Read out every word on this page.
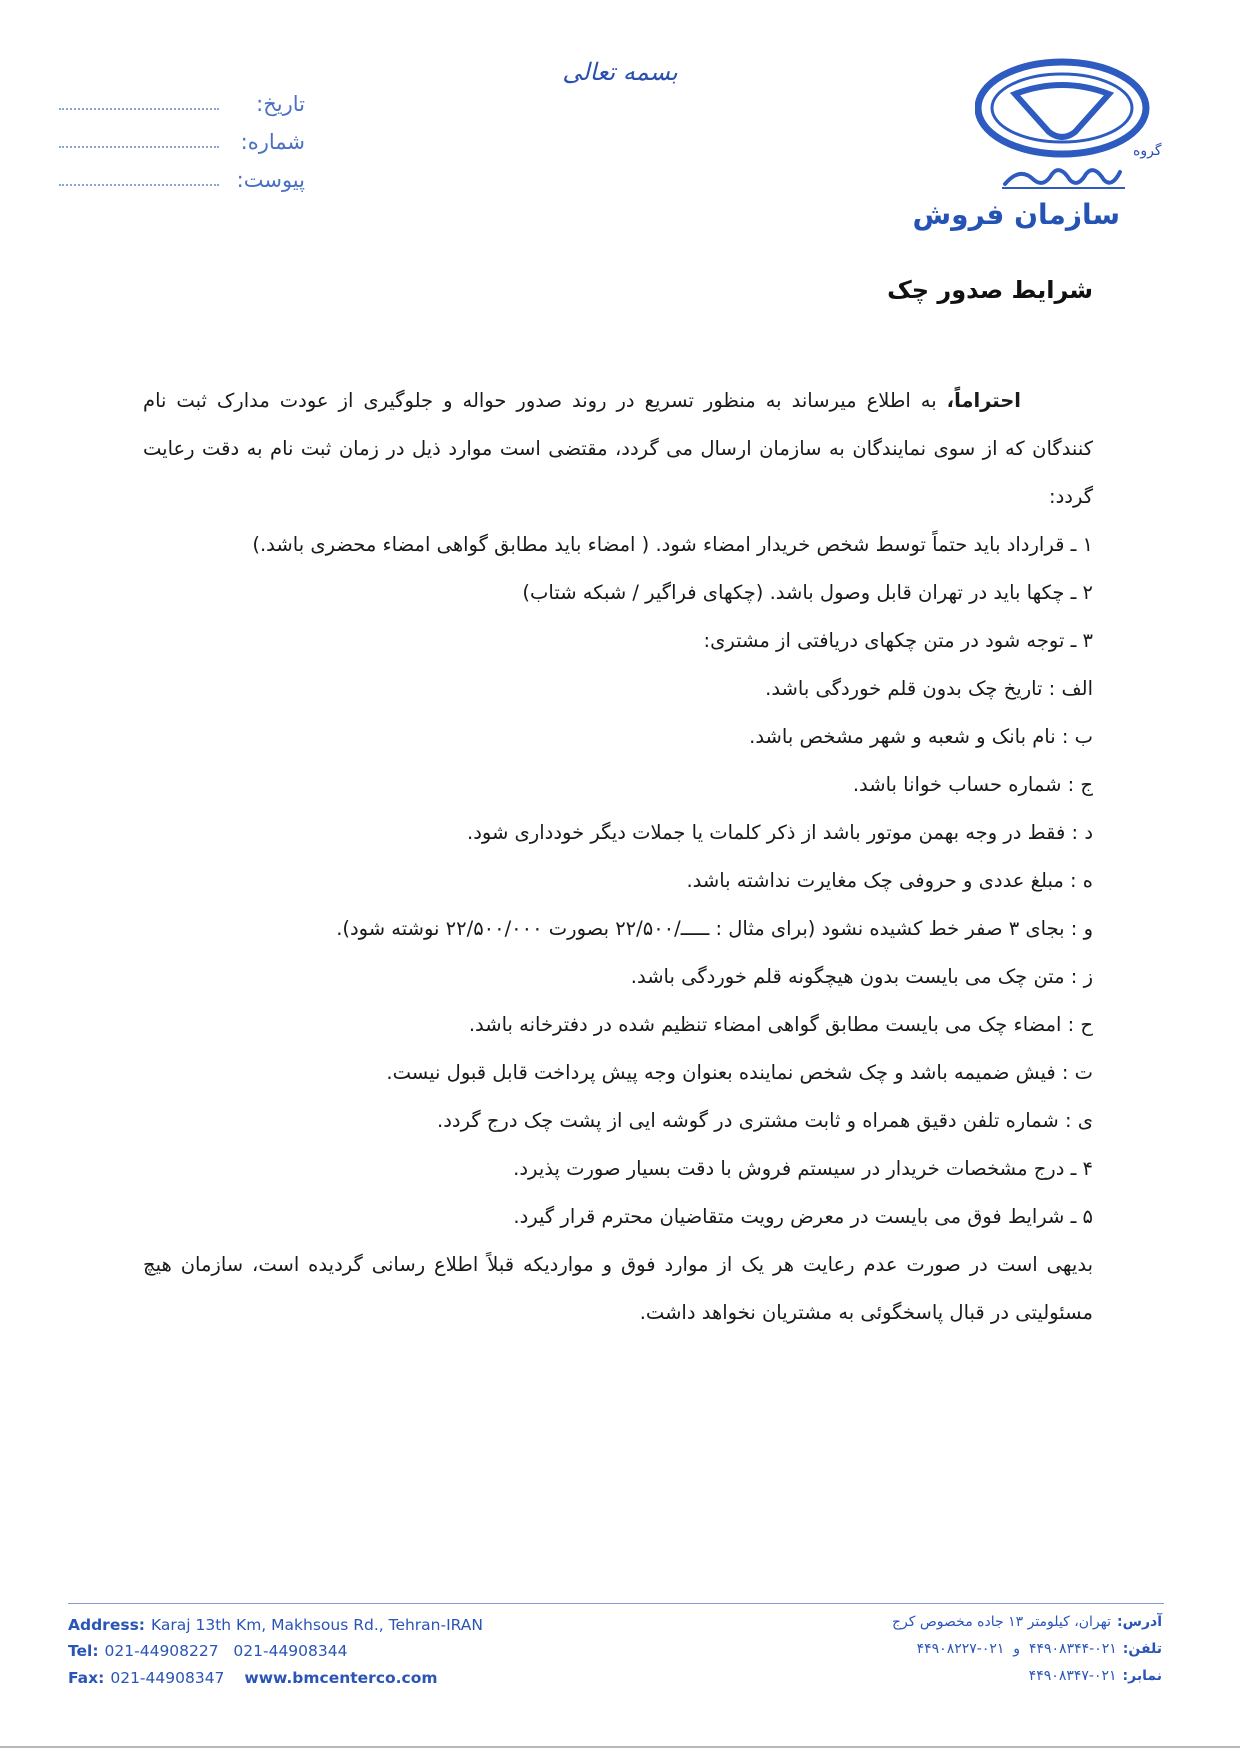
بسمه تعالی
تاریخ:
شماره:
پیوست:
گروه
سازمان فروش
شرایط صدور چک

احتراماً،به اطلاع میرساند به منظور تسریع در روند صدور حواله و جلوگیری از عودت مدارک ثبت نام کنندگان که از سوی نمایندگان به سازمان ارسال می گردد، مقتضی است موارد ذیل در زمان ثبت نام به دقت رعایت گردد:

۱ ـ قرارداد باید حتماً توسط شخص خریدار امضاء شود. ( امضاء باید مطابق گواهی امضاء محضری باشد.)

۲ ـ چکها باید در تهران قابل وصول باشد. (چکهای فراگیر / شبکه شتاب)

۳ ـ توجه شود در متن چکهای دریافتی از مشتری:

الف : تاریخ چک بدون قلم خوردگی باشد.

ب : نام بانک و شعبه و شهر مشخص باشد.

ج : شماره حساب خوانا باشد.

د : فقط در وجه بهمن موتور باشد از ذکر کلمات یا جملات دیگر خودداری شود.

ه : مبلغ عددی و حروفی چک مغایرت نداشته باشد.

و : بجای ۳ صفر خط کشیده نشود (برای مثال : ـــــ/۲۲/۵۰۰ بصورت ۲۲/۵۰۰/۰۰۰ نوشته شود).

ز : متن چک می بایست بدون هیچگونه قلم خوردگی باشد.

ح : امضاء چک می بایست مطابق گواهی امضاء تنظیم شده در دفترخانه باشد.

ت : فیش ضمیمه باشد و چک شخص نماینده بعنوان وجه پیش پرداخت قابل قبول نیست.

ی : شماره تلفن دقیق همراه و ثابت مشتری در گوشه ایی از پشت چک درج گردد.

۴ ـ درج مشخصات خریدار در سیستم فروش با دقت بسیار صورت پذیرد.

۵ ـ شرایط فوق می بایست در معرض رویت متقاضیان محترم قرار گیرد.

بدیهی است در صورت عدم رعایت هر یک از موارد فوق و مواردیکه قبلاً اطلاع رسانی گردیده است، سازمان هیچ مسئولیتی در قبال پاسخگوئی به مشتریان نخواهد داشت.

Address: Karaj 13th Km, Makhsous Rd., Tehran-IRAN
Tel: 021-44908227   021-44908344
Fax: 021-44908347 www.bmcenterco.com
آدرس:تهران، کیلومتر ۱۳ جاده مخصوص کرج
تلفن:۰۲۱-۴۴۹۰۸۳۴۴  و  ۰۲۱-۴۴۹۰۸۲۲۷
نمابر:۰۲۱-۴۴۹۰۸۳۴۷
